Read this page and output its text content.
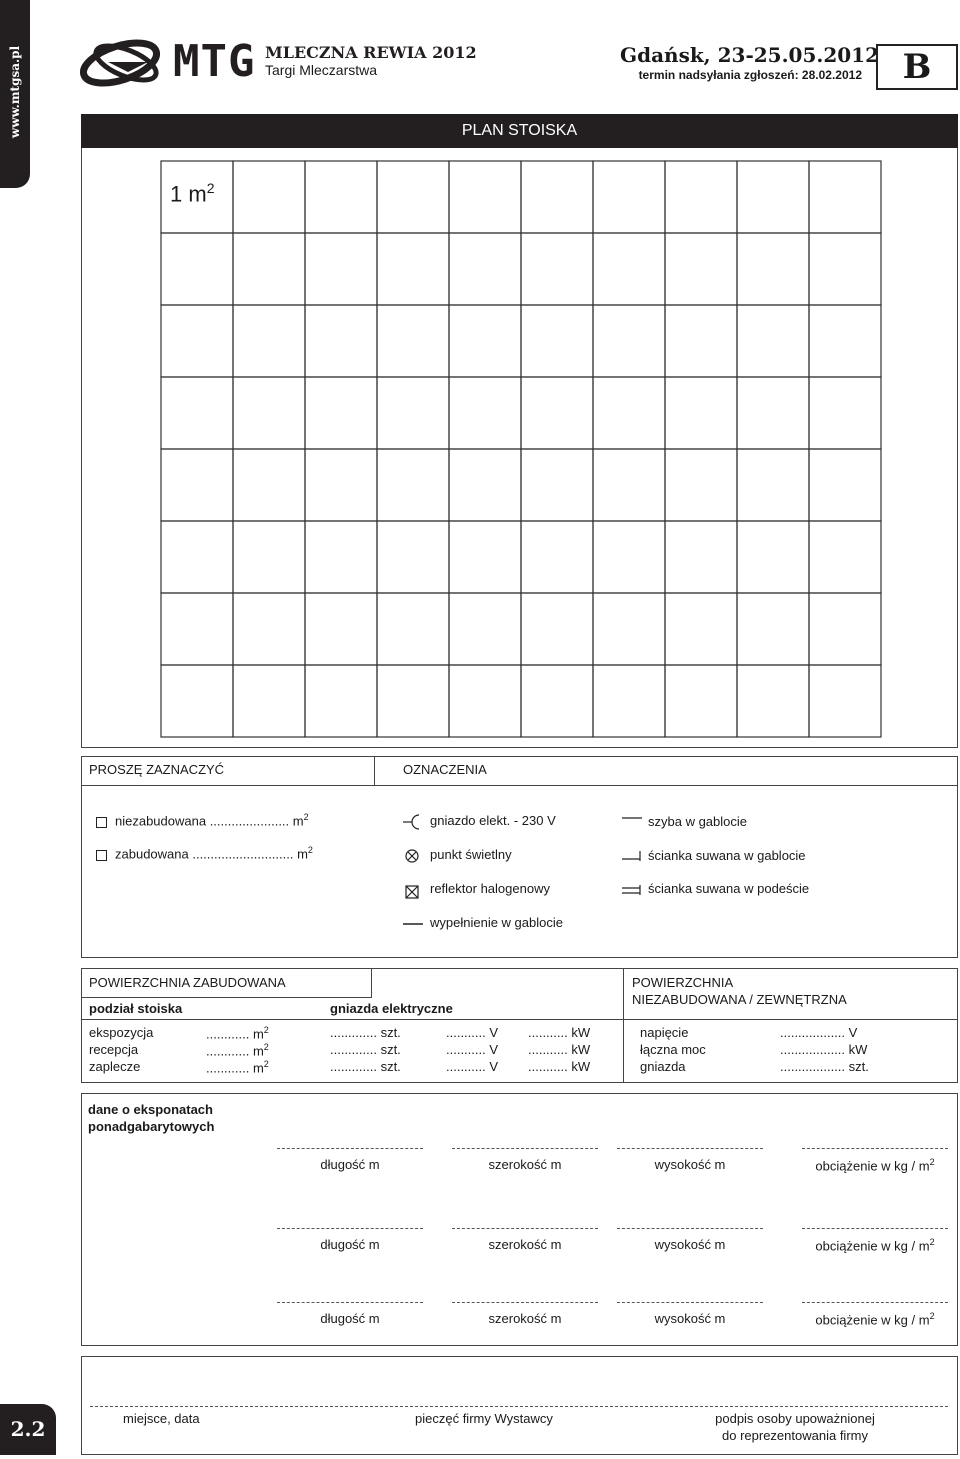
www.mtgsa.pl	® MTG MLECZNA REWIA 2012
Targi Mleczarstwa
Gdańsk, 23-25.05.2012
termin nadsyłania zgłoszeń: 28.02.2012	B
PLAN STOISKA
1 $m^2$
PROSZĘ ZAZNACZYĆ	OZNACZENIA
niezabudowana ...................... $m^2$
zabudowana ............................ $m^2$
gniazdo elekt. - 230 V
punkt świetlny
reflektor halogenowy
wypełnienie w gablocie
szyba w gablocie
ścianka suwana w gablocie
ścianka suwana w podeście
POWIERZCHNIA ZABUDOWANA
podział stoiska	gniazda elektryczne
ekspozycja	............ $m^2$	............. szt.	........... V ........... kW
recepcja	............ $m^2$	............. szt.	........... V ........... kW
zaplecze	............ $m^2$	............. szt.	........... V ........... kW
POWIERZCHNIA
NIEZABUDOWANA / ZEWNĘTRZNA
napięcie	.................. V
łączna moc	.................. kW
gniazda	.................. szt.
dane o eksponatach
ponadgabarytowych
długość m	szerokość m	wysokość m	obciążenie w kg / $m^2$
długość m	szerokość m	wysokość m	obciążenie w kg / $m^2$
długość m	szerokość m	wysokość m	obciążenie w kg / $m^2$
miejsce, data	pieczęć firmy Wystawcy	podpis osoby upoważnionej
do reprezentowania firmy
2.2
